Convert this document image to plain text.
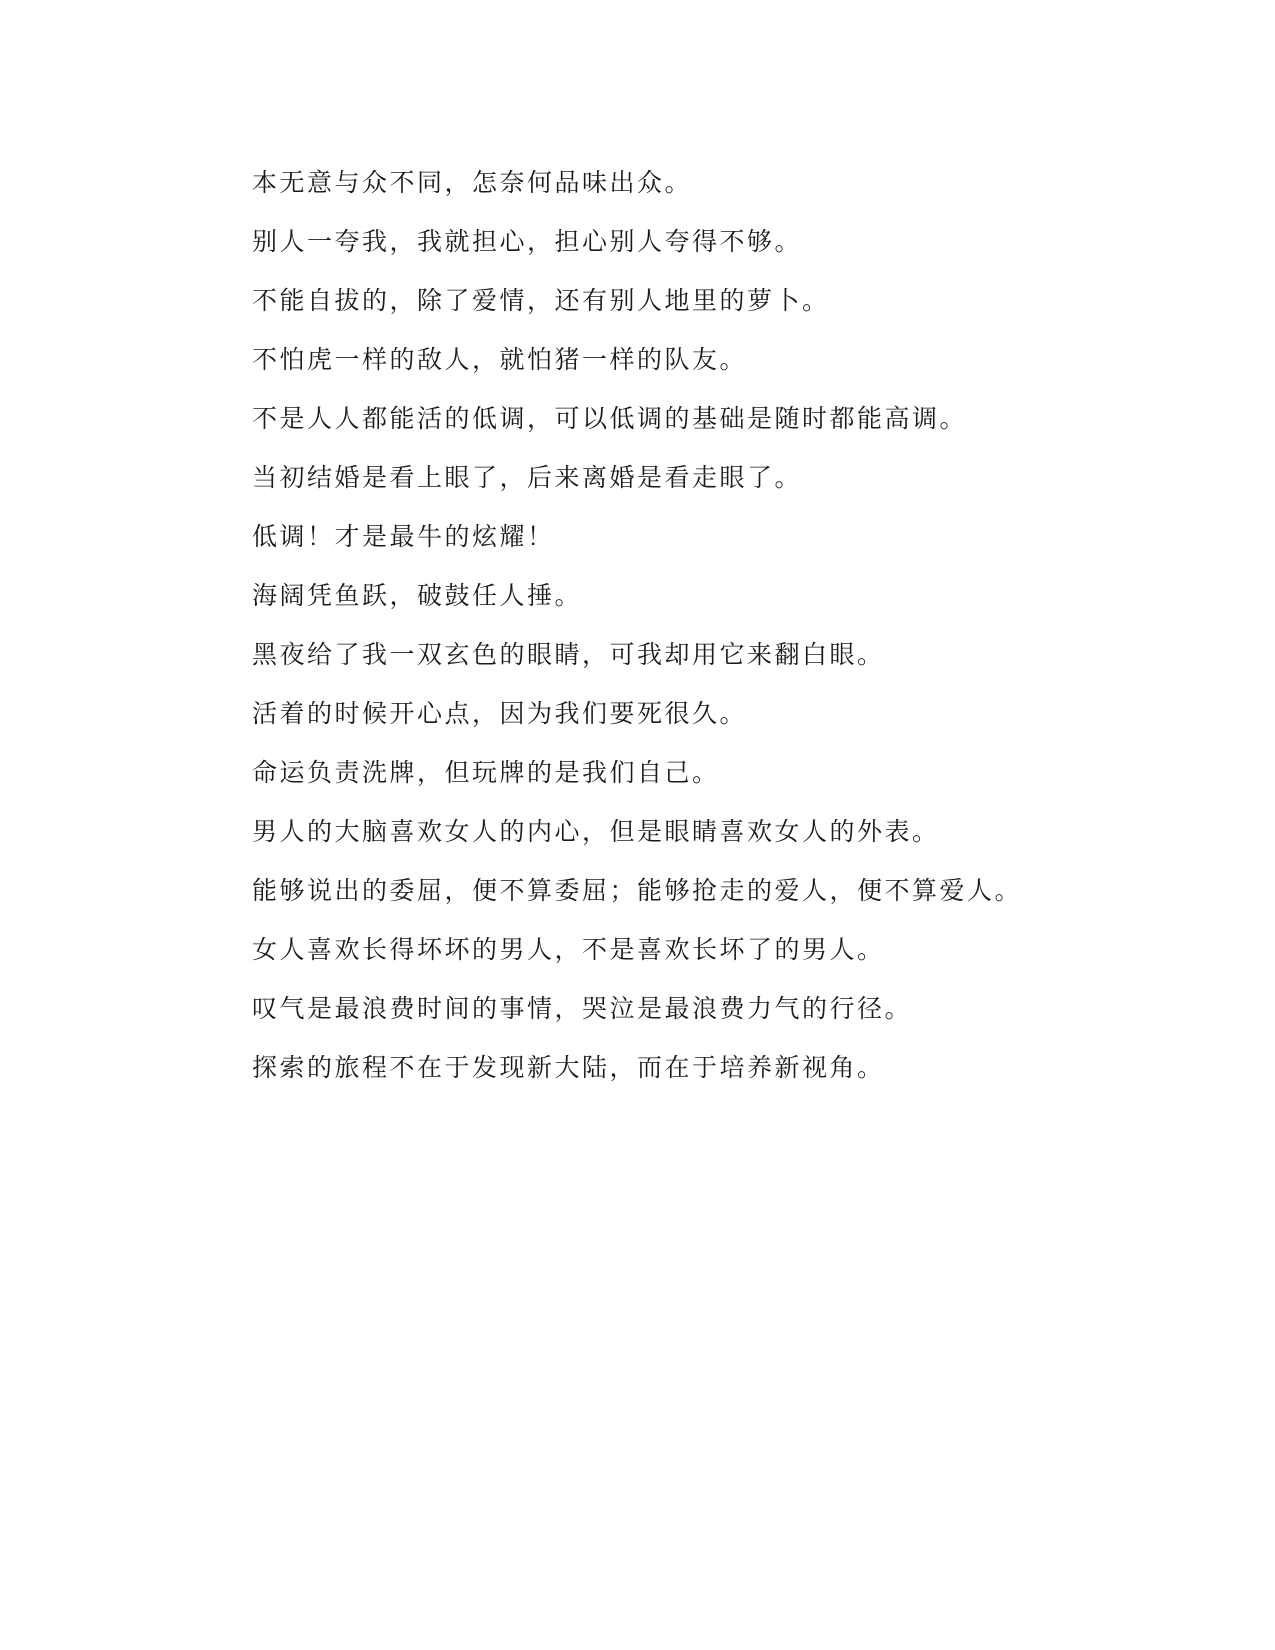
本无意与众不同，怎奈何品味出众。
别人一夸我，我就担心，担心别人夸得不够。
不能自拔的，除了爱情，还有别人地里的萝卜。
不怕虎一样的敌人，就怕猪一样的队友。
不是人人都能活的低调，可以低调的基础是随时都能高调。
当初结婚是看上眼了，后来离婚是看走眼了。
低调！才是最牛的炫耀！
海阔凭鱼跃，破鼓任人捶。
黑夜给了我一双玄色的眼睛，可我却用它来翻白眼。
活着的时候开心点，因为我们要死很久。
命运负责洗牌，但玩牌的是我们自己。
男人的大脑喜欢女人的内心，但是眼睛喜欢女人的外表。
能够说出的委屈，便不算委屈；能够抢走的爱人，便不算爱人。
女人喜欢长得坏坏的男人，不是喜欢长坏了的男人。
叹气是最浪费时间的事情，哭泣是最浪费力气的行径。
探索的旅程不在于发现新大陆，而在于培养新视角。
